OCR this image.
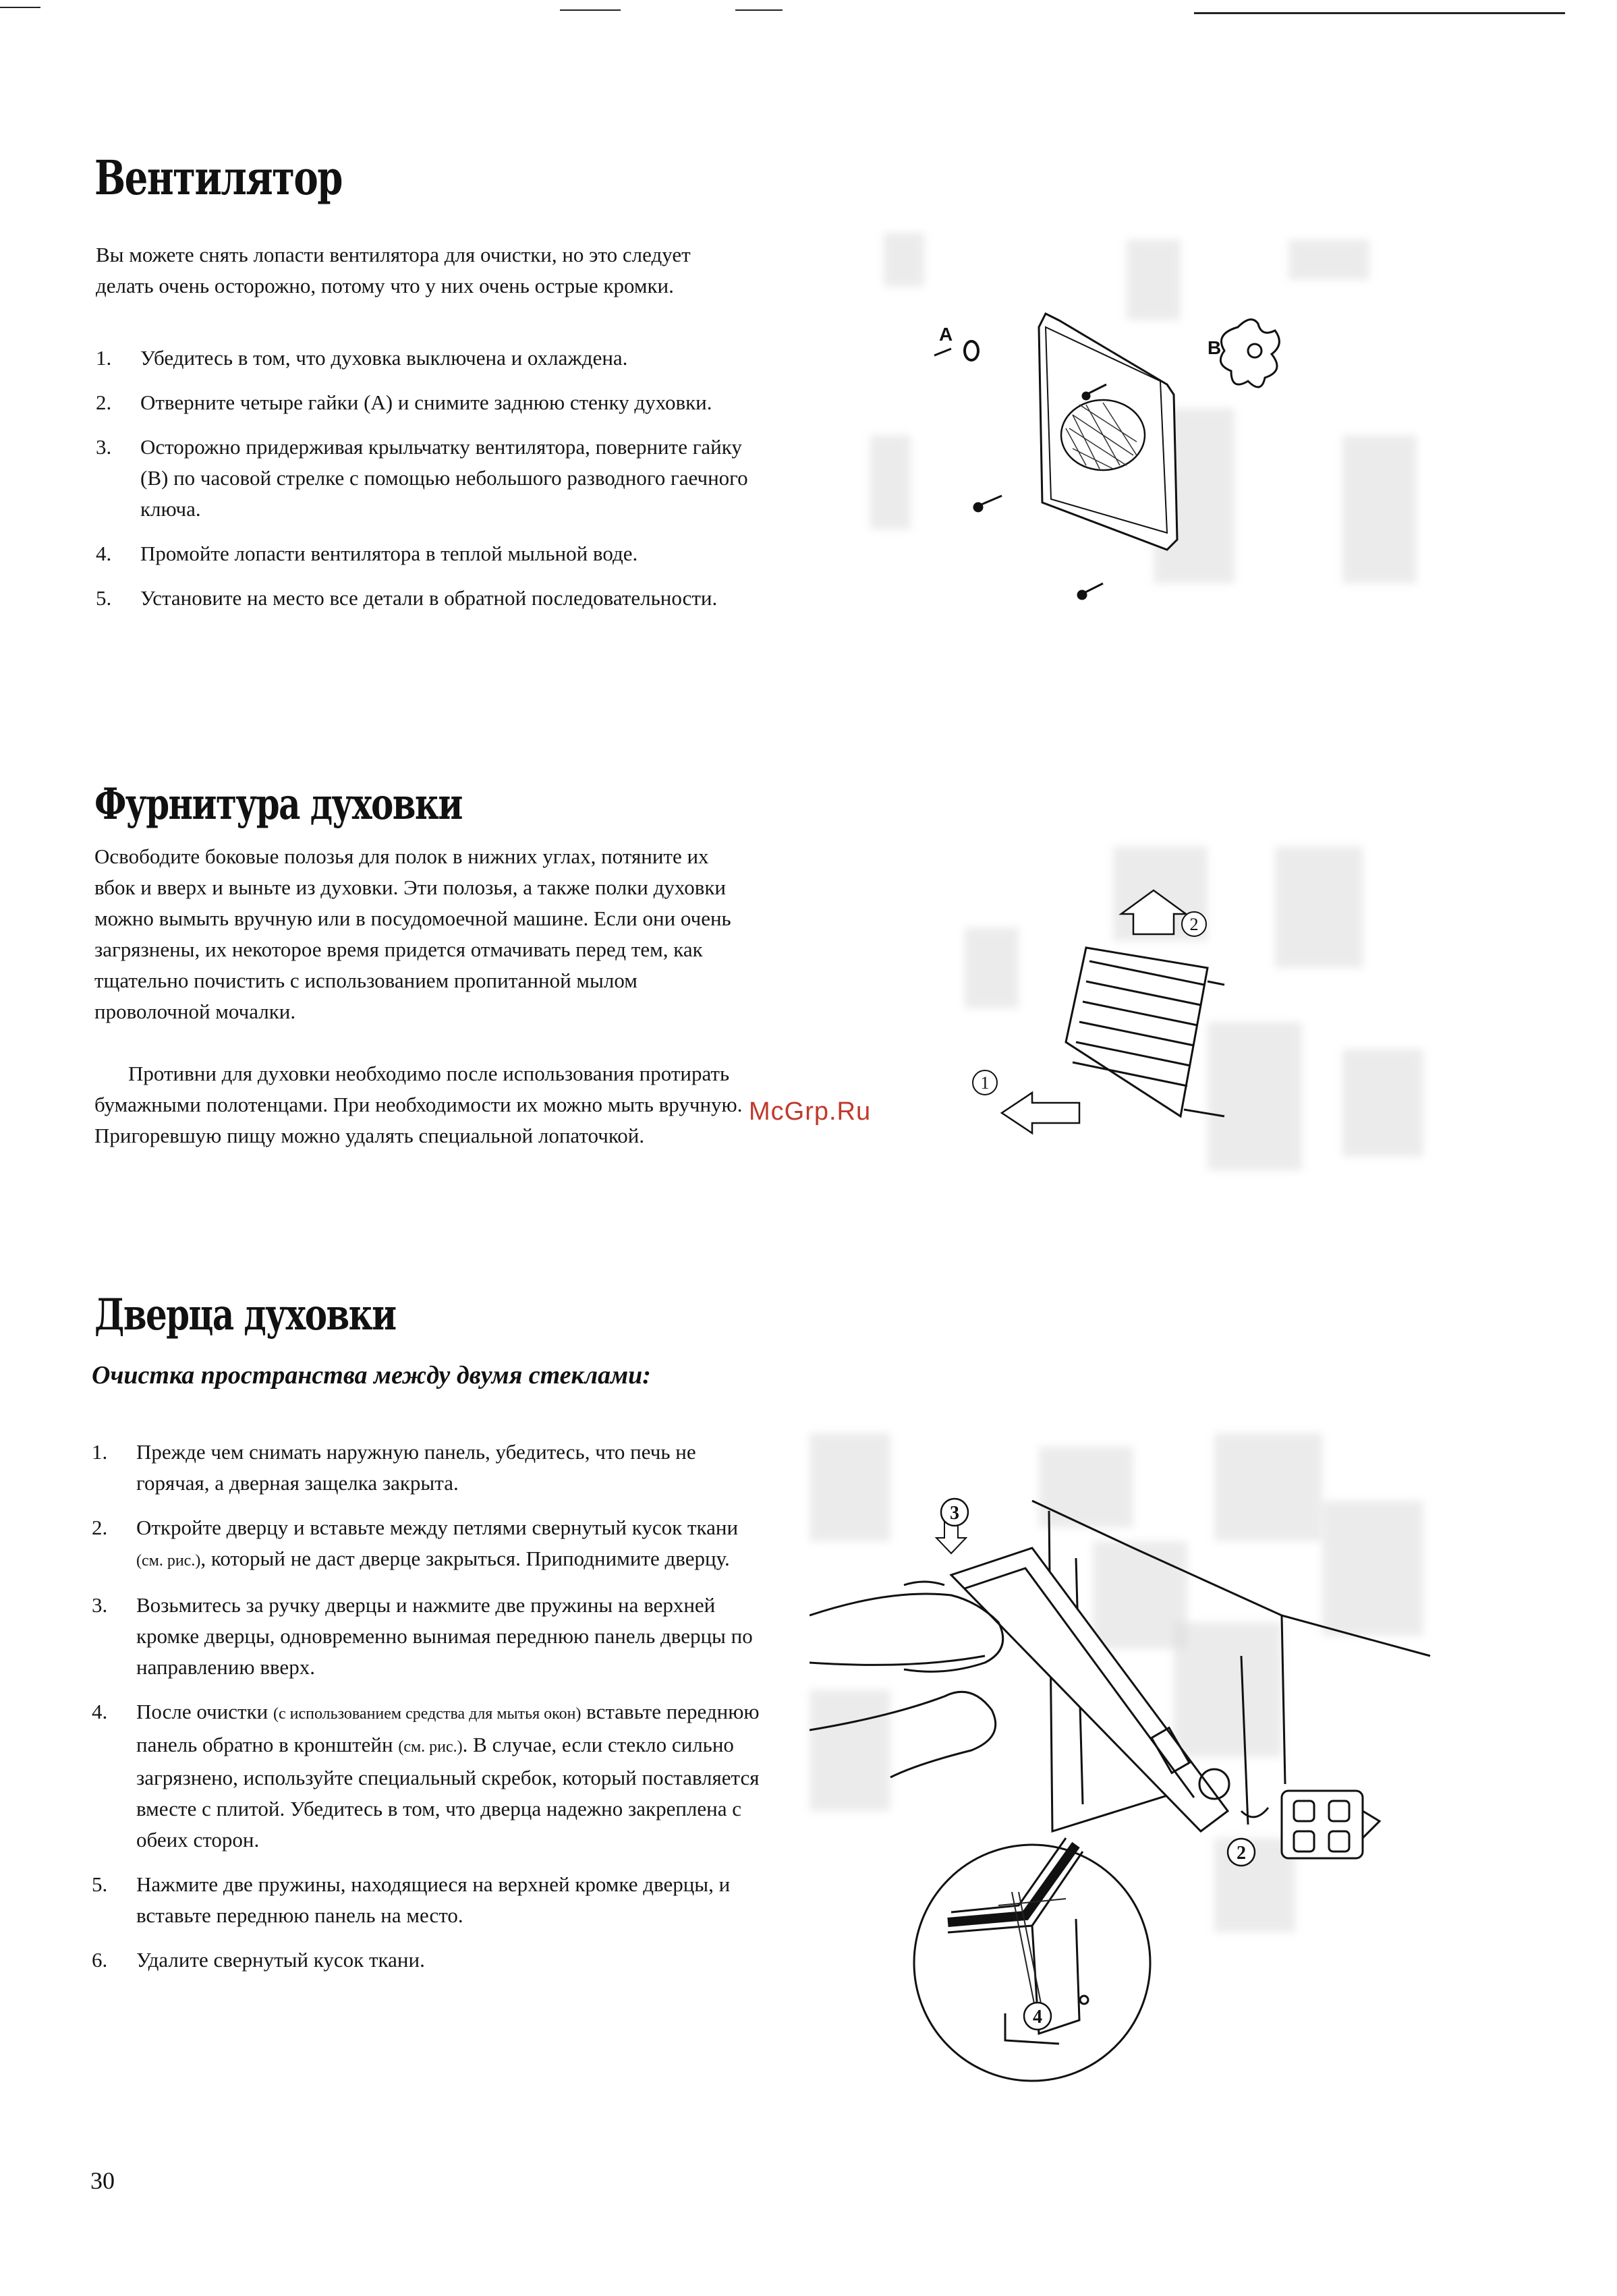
Вентилятор
Вы можете снять лопасти вентилятора для очистки, но это следует делать очень осторожно, потому что у них очень острые кромки.
1. Убедитесь в том, что духовка выключена и охлаждена.
2. Отверните четыре гайки (А) и снимите заднюю стенку духовки.
3. Осторожно придерживая крыльчатку вентилятора, поверните гайку (В) по часовой стрелке с помощью небольшого разводного гаечного ключа.
4. Промойте лопасти вентилятора в теплой мыльной воде.
5. Установите на место все детали в обратной последовательности.
A
B
Фурнитура духовки
Освободите боковые полозья для полок в нижних углах, потяните их вбок и вверх и выньте из духовки. Эти полозья, а также полки духовки можно вымыть вручную или в посудомоечной машине. Если они очень загрязнены, их некоторое время придется отмачивать перед тем, как тщательно почистить с использованием пропитанной мылом проволочной мочалки.
Противни для духовки необходимо после использования протирать бумажными полотенцами. При необходимости их можно мыть вручную. Пригоревшую пищу можно удалять специальной лопаточкой.
2
1
McGrp.Ru
Дверца духовки
Очистка пространства между двумя стеклами:
1. Прежде чем снимать наружную панель, убедитесь, что печь не горячая, а дверная защелка закрыта.
2. Откройте дверцу и вставьте между петлями свернутый кусок ткани (см. рис.), который не даст дверце закрыться. Приподнимите дверцу.
3. Возьмитесь за ручку дверцы и нажмите две пружины на верхней кромке дверцы, одновременно вынимая переднюю панель дверцы по направлению вверх.
4. После очистки (с использованием средства для мытья окон) вставьте переднюю панель обратно в кронштейн (см. рис.). В случае, если стекло сильно загрязнено, используйте специальный скребок, который поставляется вместе с плитой. Убедитесь в том, что дверца надежно закреплена с обеих сторон.
5. Нажмите две пружины, находящиеся на верхней кромке дверцы, и вставьте переднюю панель на место.
6. Удалите свернутый кусок ткани.
3
2
4
30
